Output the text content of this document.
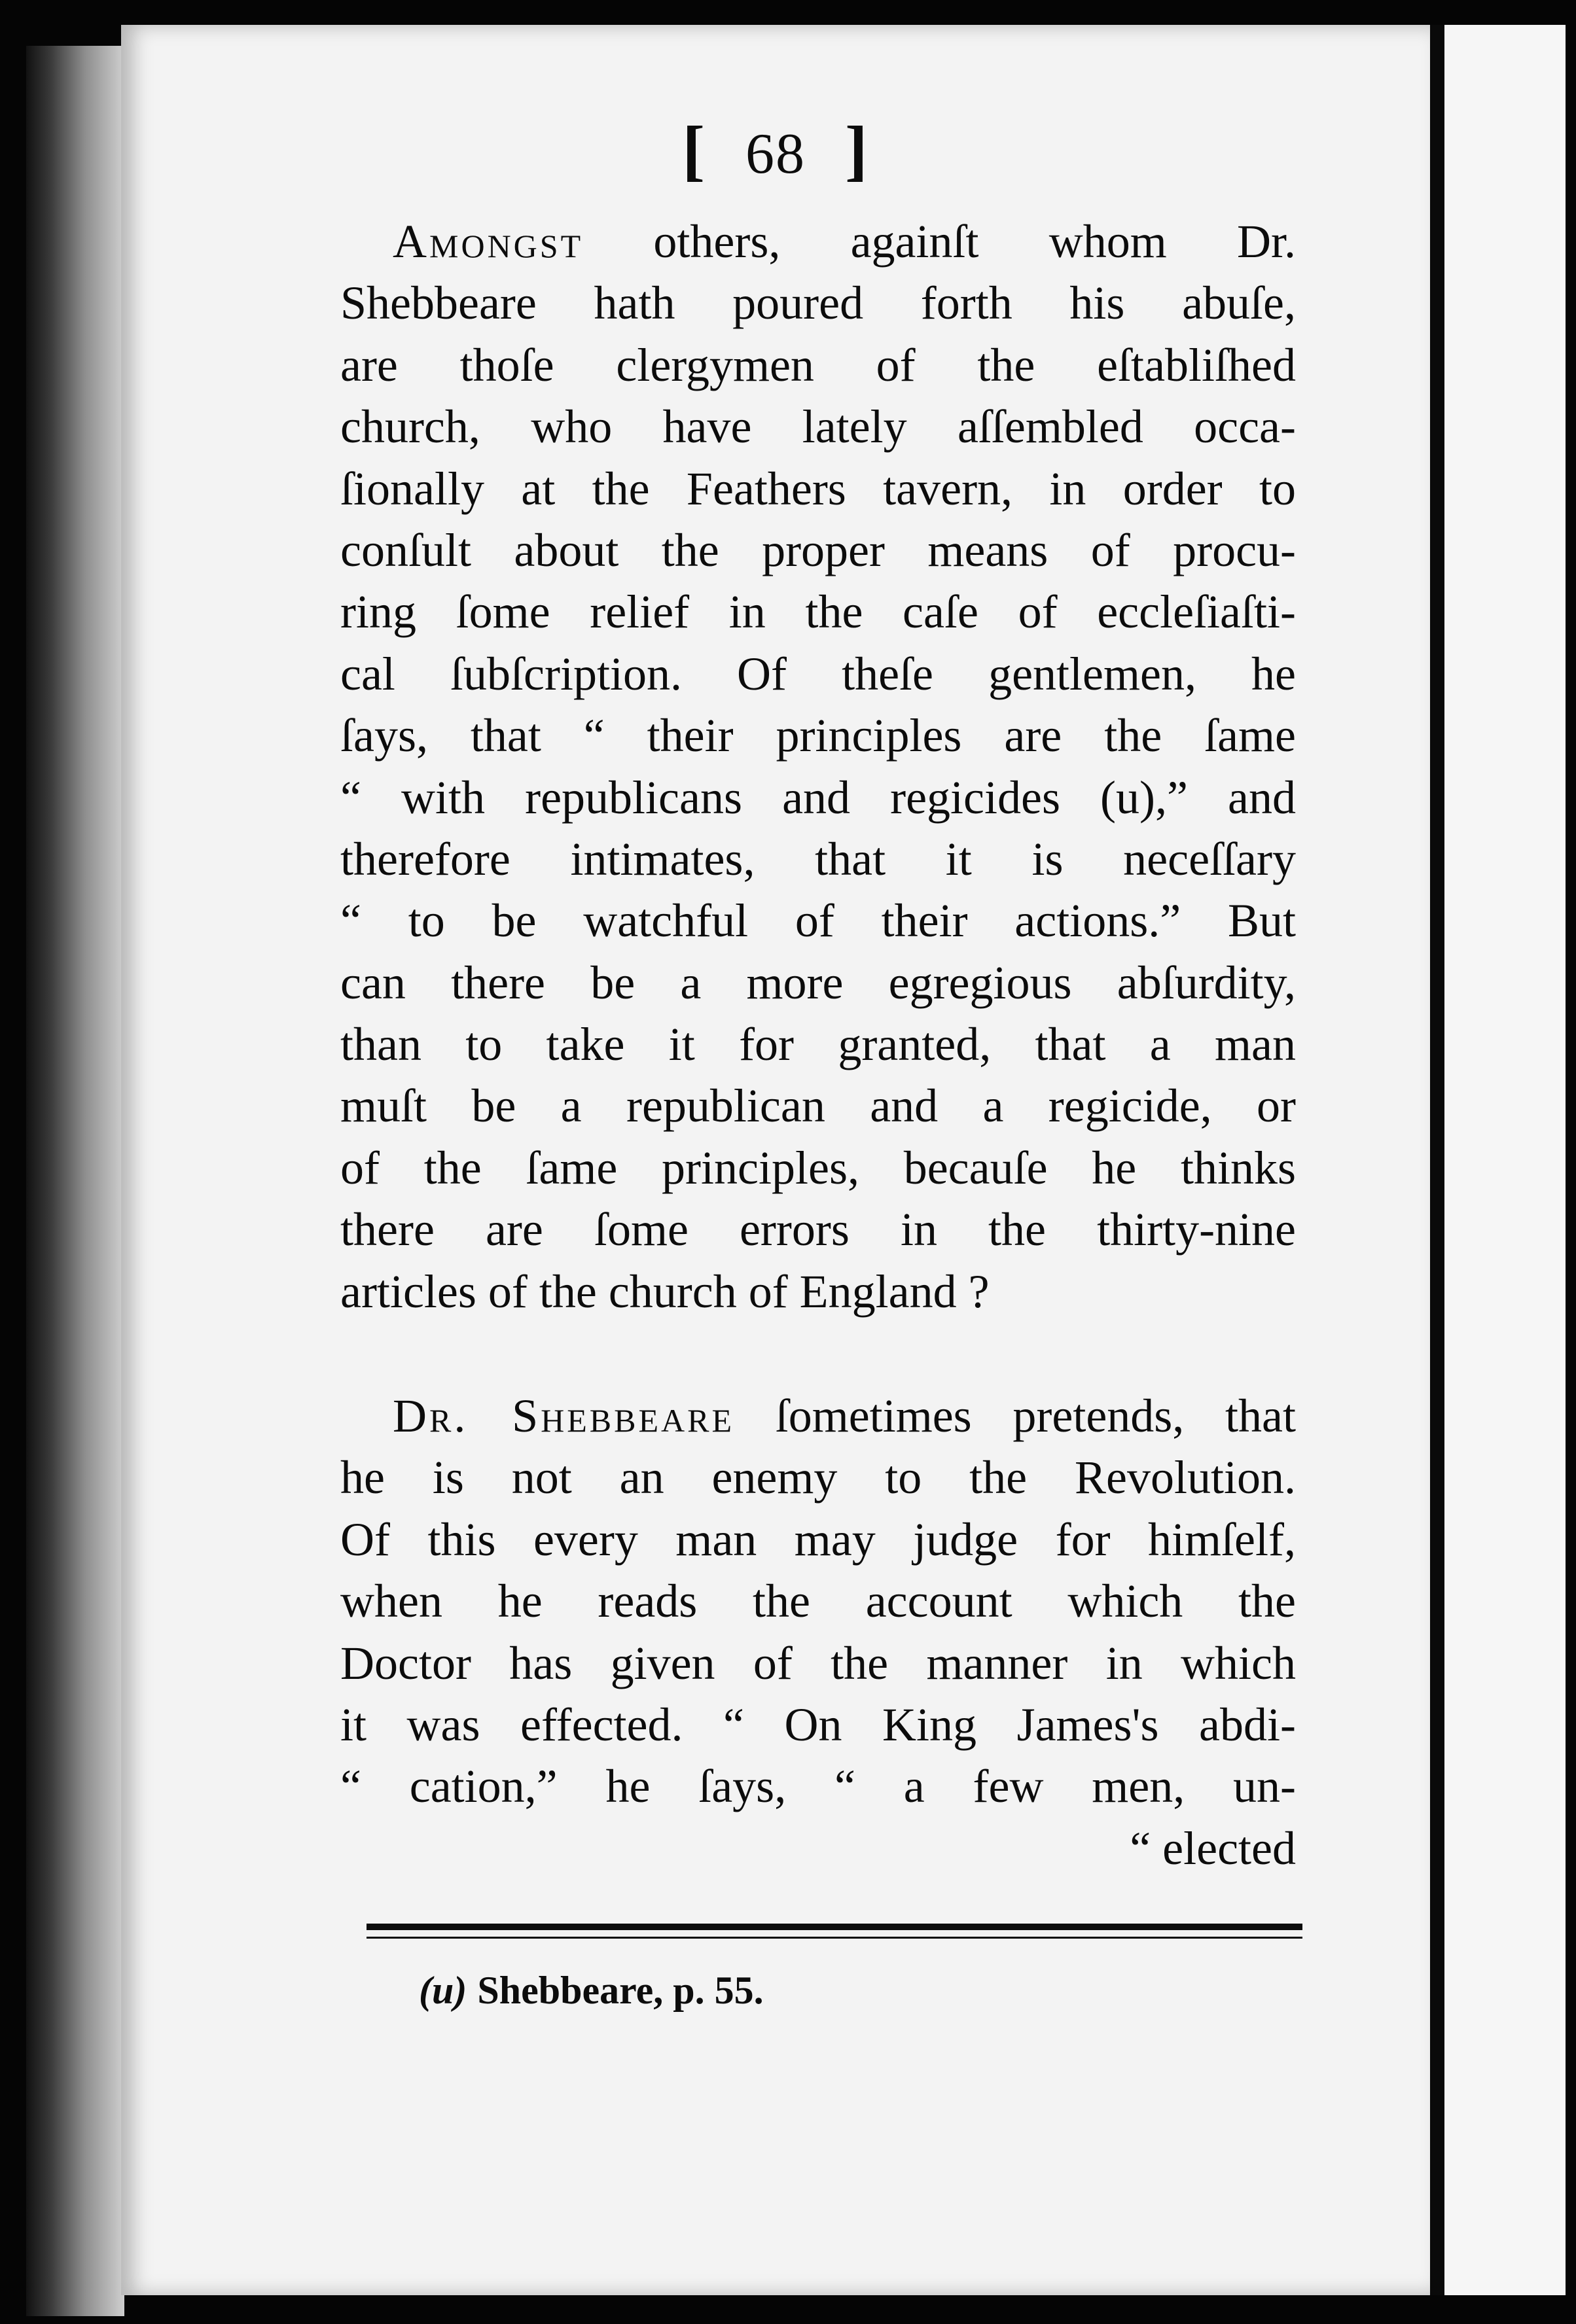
[ 68 ]
Amongst others, againſt whom Dr.
Shebbeare hath poured forth his abuſe,
are thoſe clergymen of the eſtabliſhed
church, who have lately aſſembled occa-
ſionally at the Feathers tavern, in order to
conſult about the proper means of procu-
ring ſome relief in the caſe of eccleſiaſti-
cal ſubſcription. Of theſe gentlemen, he
ſays, that “ their principles are the ſame
“ with republicans and regicides (u),” and
therefore intimates, that it is neceſſary
“ to be watchful of their actions.” But
can there be a more egregious abſurdity,
than to take it for granted, that a man
muſt be a republican and a regicide, or
of the ſame principles, becauſe he thinks
there are ſome errors in the thirty-nine
articles of the church of England ?
Dr. Shebbeare ſometimes pretends, that
he is not an enemy to the Revolution.
Of this every man may judge for himſelf,
when he reads the account which the
Doctor has given of the manner in which
it was effected. “ On King James's abdi-
“ cation,” he ſays, “ a few men, un-
“ elected
(u) Shebbeare, p. 55.
